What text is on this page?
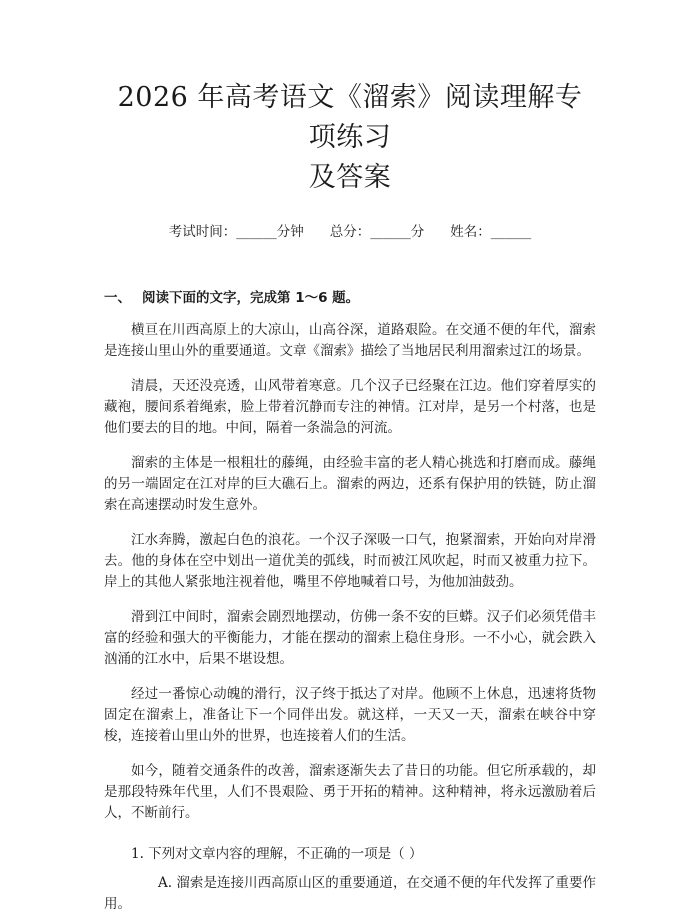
2026 年高考语文《溜索》阅读理解专项练习
及答案
考试时间：______分钟 总分：______分 姓名：______
一、 阅读下面的文字，完成第 1～6 题。

横亘在川西高原上的大凉山，山高谷深，道路艰险。在交通不便的年代，溜索是连接山里山外的重要通道。文章《溜索》描绘了当地居民利用溜索过江的场景。

清晨，天还没亮透，山风带着寒意。几个汉子已经聚在江边。他们穿着厚实的藏袍，腰间系着绳索，脸上带着沉静而专注的神情。江对岸，是另一个村落，也是他们要去的目的地。中间，隔着一条湍急的河流。

溜索的主体是一根粗壮的藤绳，由经验丰富的老人精心挑选和打磨而成。藤绳的另一端固定在江对岸的巨大礁石上。溜索的两边，还系有保护用的铁链，防止溜索在高速摆动时发生意外。

江水奔腾，激起白色的浪花。一个汉子深吸一口气，抱紧溜索，开始向对岸滑去。他的身体在空中划出一道优美的弧线，时而被江风吹起，时而又被重力拉下。岸上的其他人紧张地注视着他，嘴里不停地喊着口号，为他加油鼓劲。

滑到江中间时，溜索会剧烈地摆动，仿佛一条不安的巨蟒。汉子们必须凭借丰富的经验和强大的平衡能力，才能在摆动的溜索上稳住身形。一不小心，就会跌入汹涌的江水中，后果不堪设想。

经过一番惊心动魄的滑行，汉子终于抵达了对岸。他顾不上休息，迅速将货物固定在溜索上，准备让下一个同伴出发。就这样，一天又一天，溜索在峡谷中穿梭，连接着山里山外的世界，也连接着人们的生活。

如今，随着交通条件的改善，溜索逐渐失去了昔日的功能。但它所承载的，却是那段特殊年代里，人们不畏艰险、勇于开拓的精神。这种精神，将永远激励着后人，不断前行。

1. 下列对文章内容的理解，不正确的一项是（ ）
A. 溜索是连接川西高原山区的重要通道，在交通不便的年代发挥了重要作用。
